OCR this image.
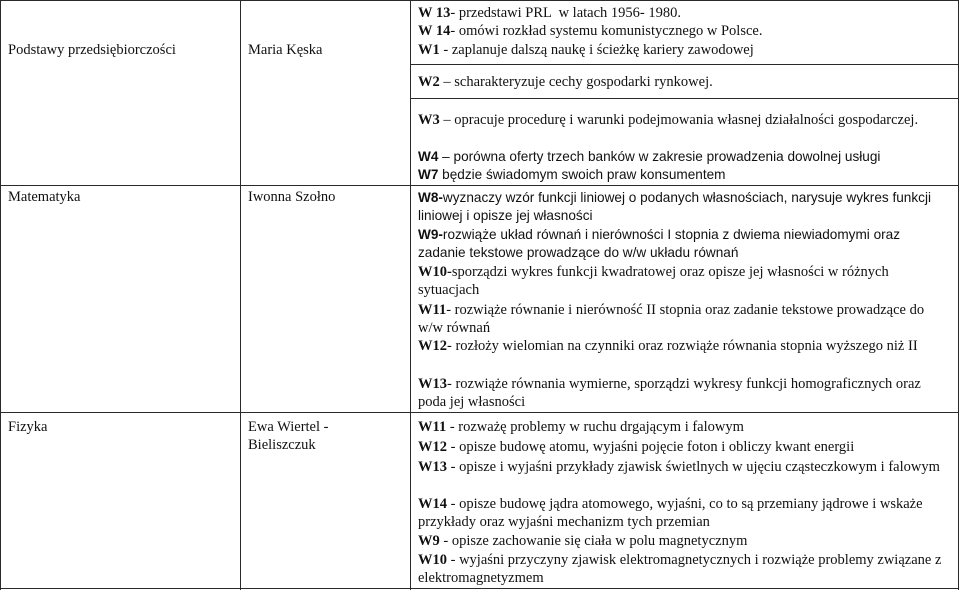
Podstawy przedsiębiorczości	Maria Kęska
W 13- przedstawi PRL  w latach 1956- 1980.
W 14- omówi rozkład systemu komunistycznego w Polsce.
W1 - zaplanuje dalszą naukę i ścieżkę kariery zawodowej
W2 – scharakteryzuje cechy gospodarki rynkowej.
W3 – opracuje procedurę i warunki podejmowania własnej działalności gospodarczej.
W4 – porówna oferty trzech banków w zakresie prowadzenia dowolnej usługi
W7 będzie świadomym swoich praw konsumentem
Matematyka	Iwonna Szołno	W8-wyznaczy wzór funkcji liniowej o podanych własnościach, narysuje wykres funkcji liniowej i opisze jej własności
W9-rozwiąże układ równań i nierówności I stopnia z dwiema niewiadomymi oraz zadanie tekstowe prowadzące do w/w układu równań
W10-sporządzi wykres funkcji kwadratowej oraz opisze jej własności w różnych sytuacjach
W11- rozwiąże równanie i nierówność II stopnia oraz zadanie tekstowe prowadzące do w/w równań
W12- rozłoży wielomian na czynniki oraz rozwiąże równania stopnia wyższego niż II
W13- rozwiąże równania wymierne, sporządzi wykresy funkcji homograficznych oraz poda jej własności
Fizyka	Ewa Wiertel - Bieliszczuk
W11 - rozważę problemy w ruchu drgającym i falowym
W12 - opisze budowę atomu, wyjaśni pojęcie foton i obliczy kwant energii
W13 - opisze i wyjaśni przykłady zjawisk świetlnych w ujęciu cząsteczkowym i falowym
W14 - opisze budowę jądra atomowego, wyjaśni, co to są przemiany jądrowe i wskaże przykłady oraz wyjaśni mechanizm tych przemian
W9 - opisze zachowanie się ciała w polu magnetycznym
W10 - wyjaśni przyczyny zjawisk elektromagnetycznych i rozwiąże problemy związane z elektromagnetyzmem
